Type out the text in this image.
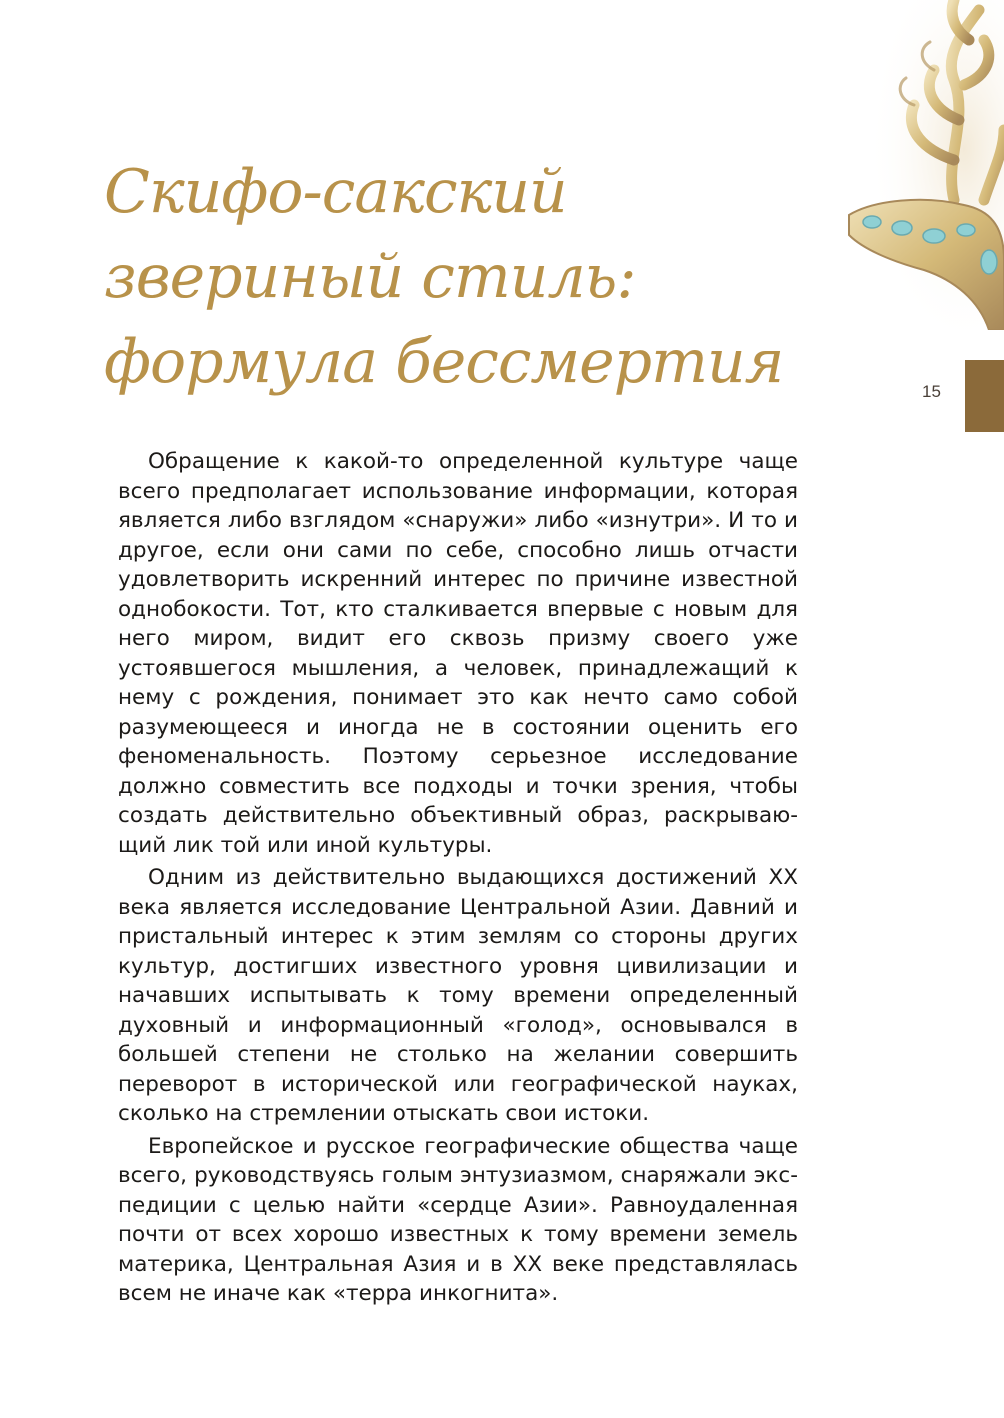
Скифо-сакский
звериный стиль:
формула бессмертия	15

Обращение к какой-то определенной культуре чаще всего предполагает использование информации, которая является либо взглядом «снаружи» либо «изнутри». И то и другое, если они сами по себе, способно лишь отчасти удовлетворить искренний интерес по причине известной однобокости. Тот, кто сталкивается впервые с новым для него миром, видит его сквозь призму своего уже устоявшегося мышления, а человек, принадлежащий к нему с рождения, понимает это как нечто само собой разумеющееся и иногда не в состоянии оценить его феноменальность. Поэтому серьезное исследование должно совместить все подходы и точки зрения, чтобы создать действительно объективный образ, раскрывающий лик той или иной культуры.

Одним из действительно выдающихся достижений XX века является исследование Центральной Азии. Давний и пристальный интерес к этим землям со стороны других культур, достигших известного уровня цивилизации и начавших испытывать к тому времени определенный духовный и информационный «голод», основывался в большей степени не столько на желании совершить переворот в исторической или географической науках, сколько на стремлении отыскать свои истоки.

Европейское и русское географические общества чаще всего, руководствуясь голым энтузиазмом, снаряжали экспедиции с целью найти «сердце Азии». Равноудаленная почти от всех хорошо известных к тому времени земель материка, Центральная Азия и в XX веке представлялась всем не иначе как «терра инкогнита».
